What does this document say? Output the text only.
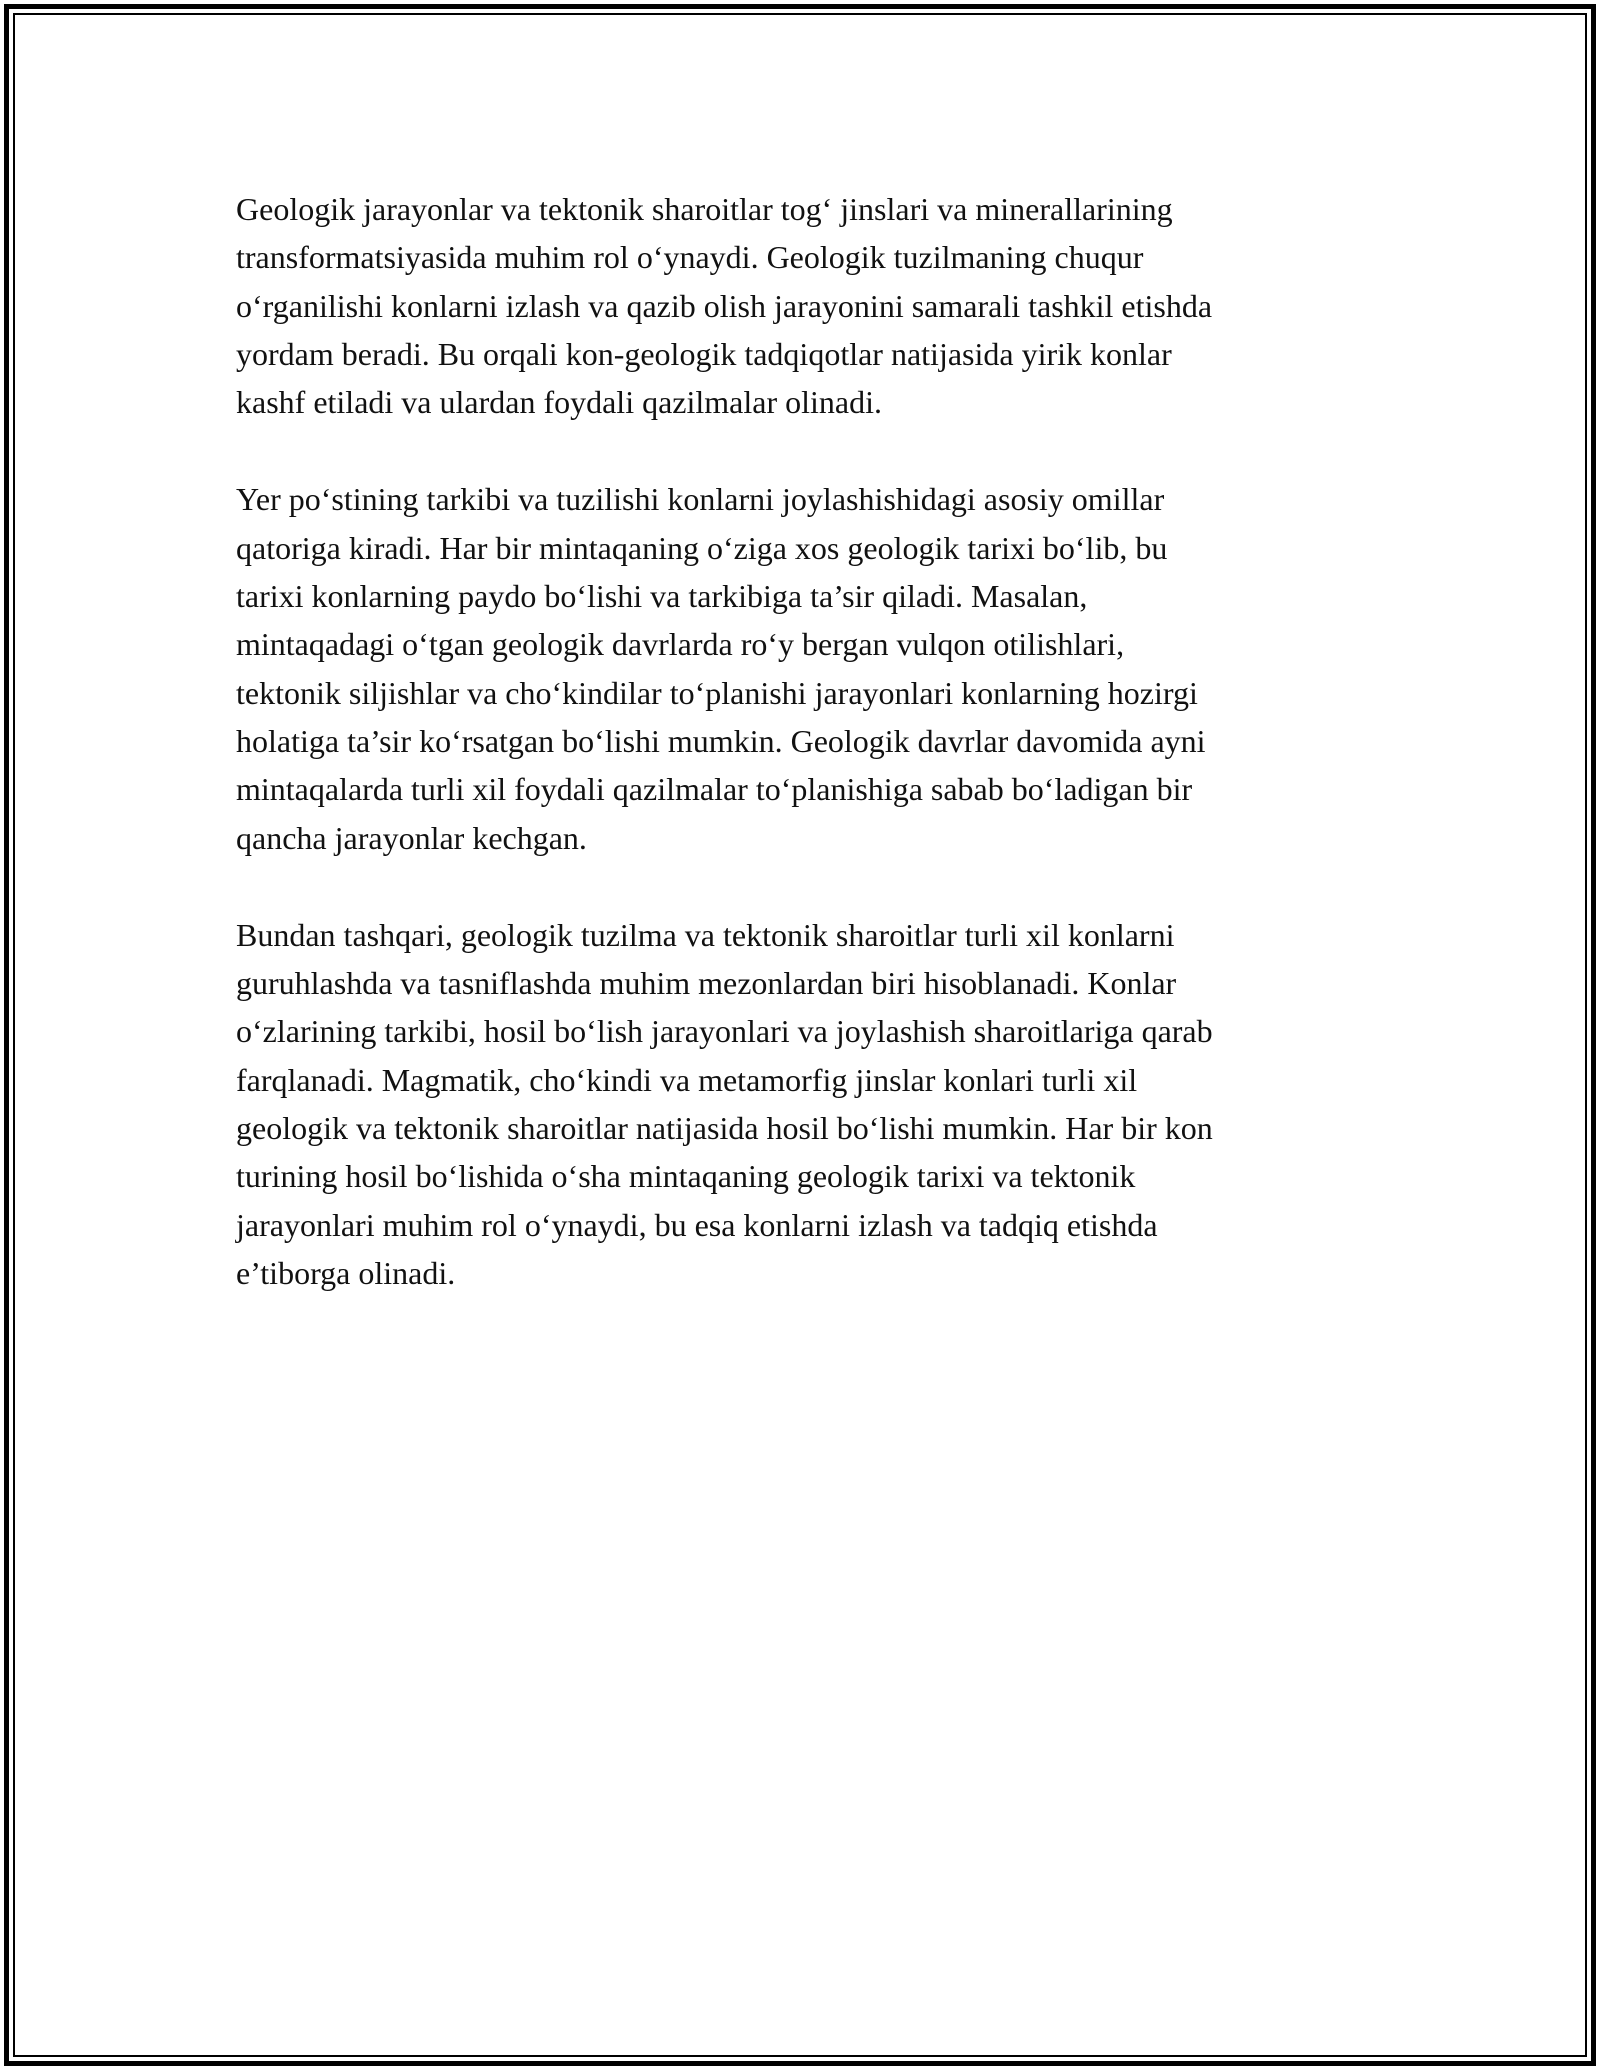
Geologik jarayonlar va tektonik sharoitlar tog‘ jinslari va minerallarining
transformatsiyasida muhim rol o‘ynaydi. Geologik tuzilmaning chuqur
o‘rganilishi konlarni izlash va qazib olish jarayonini samarali tashkil etishda
yordam beradi. Bu orqali kon-geologik tadqiqotlar natijasida yirik konlar
kashf etiladi va ulardan foydali qazilmalar olinadi.

Yer po‘stining tarkibi va tuzilishi konlarni joylashishidagi asosiy omillar
qatoriga kiradi. Har bir mintaqaning o‘ziga xos geologik tarixi bo‘lib, bu
tarixi konlarning paydo bo‘lishi va tarkibiga ta’sir qiladi. Masalan,
mintaqadagi o‘tgan geologik davrlarda ro‘y bergan vulqon otilishlari,
tektonik siljishlar va cho‘kindilar to‘planishi jarayonlari konlarning hozirgi
holatiga ta’sir ko‘rsatgan bo‘lishi mumkin. Geologik davrlar davomida ayni
mintaqalarda turli xil foydali qazilmalar to‘planishiga sabab bo‘ladigan bir
qancha jarayonlar kechgan.

Bundan tashqari, geologik tuzilma va tektonik sharoitlar turli xil konlarni
guruhlashda va tasniflashda muhim mezonlardan biri hisoblanadi. Konlar
o‘zlarining tarkibi, hosil bo‘lish jarayonlari va joylashish sharoitlariga qarab
farqlanadi. Magmatik, cho‘kindi va metamorfig jinslar konlari turli xil
geologik va tektonik sharoitlar natijasida hosil bo‘lishi mumkin. Har bir kon
turining hosil bo‘lishida o‘sha mintaqaning geologik tarixi va tektonik
jarayonlari muhim rol o‘ynaydi, bu esa konlarni izlash va tadqiq etishda
e’tiborga olinadi.
